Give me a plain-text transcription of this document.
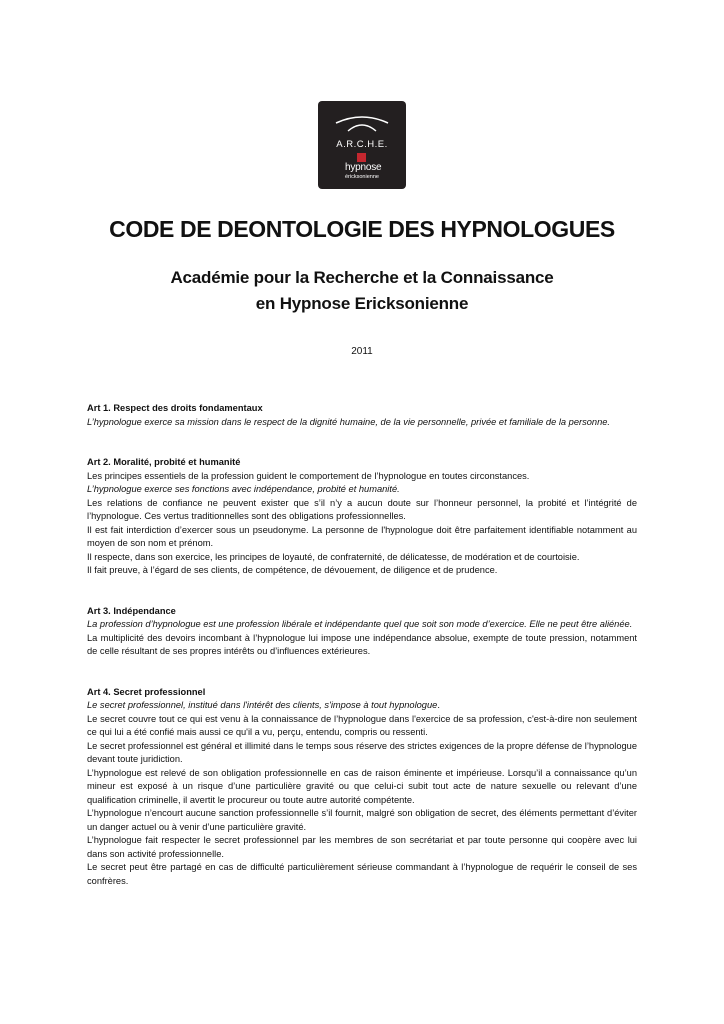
A.R.C.H.E.
hypnose
éricksonienne
CODE DE DEONTOLOGIE DES HYPNOLOGUES
Académie pour la Recherche et la Connaissance
en Hypnose Ericksonienne
2011
Art 1. Respect des droits fondamentaux

L’hypnologue exerce sa mission dans le respect de la dignité humaine, de la vie personnelle, privée et familiale de la personne.

Art 2. Moralité, probité et humanité

Les principes essentiels de la profession guident le comportement de l’hypnologue en toutes circonstances.

L’hypnologue exerce ses fonctions avec indépendance, probité et humanité.

Les relations de confiance ne peuvent exister que s’il n’y a aucun doute sur l’honneur personnel, la probité et l’intégrité de l’hypnologue. Ces vertus traditionnelles sont des obligations professionnelles.

Il est fait interdiction d’exercer sous un pseudonyme. La personne de l'hypnologue doit être parfaitement identifiable notamment au moyen de son nom et prénom.

Il respecte, dans son exercice, les principes de loyauté, de confraternité, de délicatesse, de modération et de courtoisie.

Il fait preuve, à l’égard de ses clients, de compétence, de dévouement, de diligence et de prudence.

Art 3. Indépendance

La profession d’hypnologue est une profession libérale et indépendante quel que soit son mode d’exercice. Elle ne peut être aliénée.

La multiplicité des devoirs incombant à l’hypnologue lui impose une indépendance absolue, exempte de toute pression, notamment de celle résultant de ses propres intérêts ou d’influences extérieures.

Art 4. Secret professionnel

Le secret professionnel, institué dans l'intérêt des clients, s'impose à tout hypnologue.

Le secret couvre tout ce qui est venu à la connaissance de l’hypnologue dans l'exercice de sa profession, c'est-à-dire non seulement ce qui lui a été confié mais aussi ce qu'il a vu, perçu, entendu, compris ou ressenti.

Le secret professionnel est général et illimité dans le temps sous réserve des strictes exigences de la propre défense de l’hypnologue devant toute juridiction.

L’hypnologue est relevé de son obligation professionnelle en cas de raison éminente et impérieuse. Lorsqu’il a connaissance qu’un mineur est exposé à un risque d’une particulière gravité ou que celui-ci subit tout acte de nature sexuelle ou relevant d’une qualification criminelle, il avertit le procureur ou toute autre autorité compétente.

L’hypnologue n’encourt aucune sanction professionnelle s’il fournit, malgré son obligation de secret, des éléments permettant d’éviter un danger actuel ou à venir d’une particulière gravité.

L’hypnologue fait respecter le secret professionnel par les membres de son secrétariat et par toute personne qui coopère avec lui dans son activité professionnelle.

Le secret peut être partagé en cas de difficulté particulièrement sérieuse commandant à l’hypnologue de requérir le conseil de ses confrères.
